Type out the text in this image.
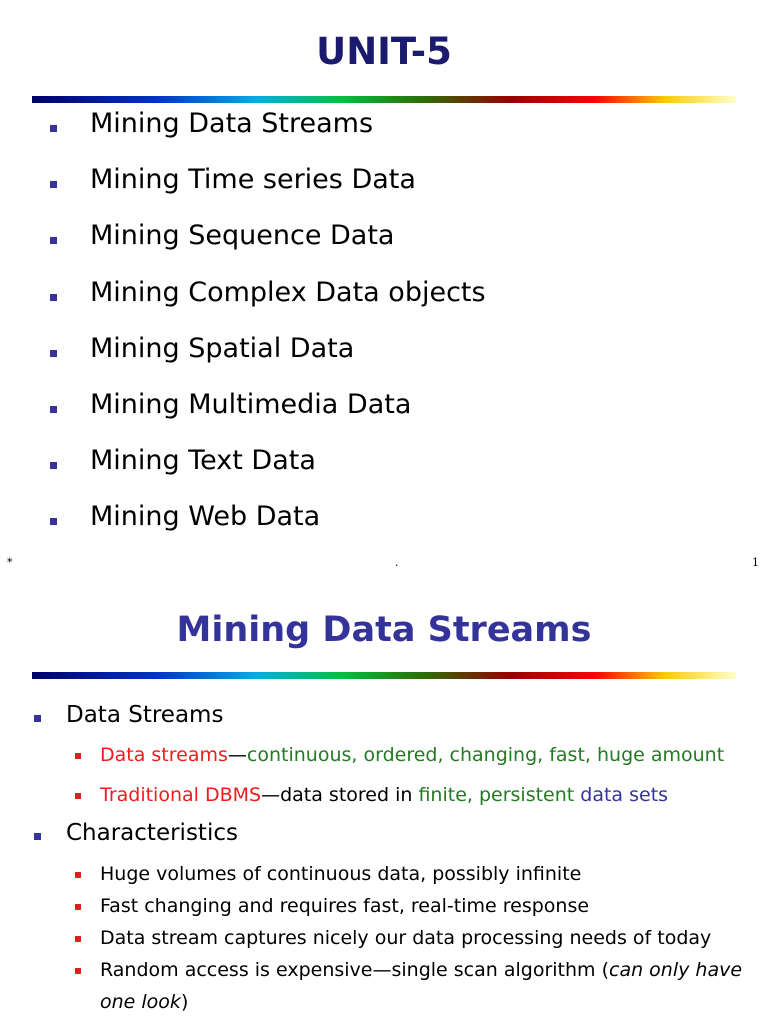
UNIT-5
Mining Data Streams
Mining Time series Data
Mining Sequence Data
Mining Complex Data objects
Mining Spatial Data
Mining Multimedia Data
Mining Text Data
Mining Web Data
*	.	1
Mining Data Streams
Data Streams
Data streams—continuous, ordered, changing, fast, huge amount
Traditional DBMS—data stored in finite, persistent data sets
Characteristics
Huge volumes of continuous data, possibly infinite
Fast changing and requires fast, real-time response
Data stream captures nicely our data processing needs of today
Random access is expensive—single scan algorithm (can only have
one look)
